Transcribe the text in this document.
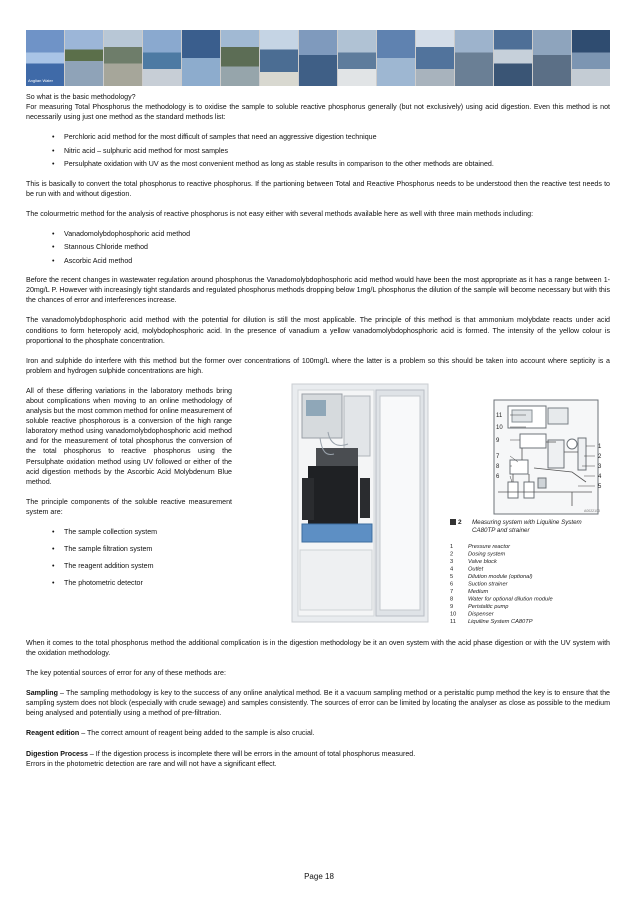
Anglian Water

So what is the basic methodology?
For measuring Total Phosphorus the methodology is to oxidise the sample to soluble reactive phosphorus generally (but not exclusively) using acid digestion. Even this method is not necessarily using just one method as the standard methods list:

• Perchloric acid method for the most difficult of samples that need an aggressive digestion technique
• Nitric acid – sulphuric acid method for most samples
• Persulphate oxidation with UV as the most convenient method as long as stable results in comparison to the other methods are obtained.

This is basically to convert the total phosphorus to reactive phosphorus. If the partioning between Total and Reactive Phosphorus needs to be understood then the reactive test needs to be run with and without digestion.

The colourmetric method for the analysis of reactive phosphorus is not easy either with several methods available here as well with three main methods including:

• Vanadomolybdophosphoric acid method
• Stannous Chloride method
• Ascorbic Acid method

Before the recent changes in wastewater regulation around phosphorus the Vanadomolybdophosphoric acid method would have been the most appropriate as it has a range between 1-20mg/L P. However with increasingly tight standards and regulated phosphorus methods dropping below 1mg/L phosphorus the dilution of the sample will become necessary but with this the chances of error and interferences increase.

The vanadomolybdophosphoric acid method with the potential for dilution is still the most applicable. The principle of this method is that ammonium molybdate reacts under acid conditions to form heteropoly acid, molybdophosphoric acid. In the presence of vanadium a yellow vanadomolybdophosphoric acid is formed. The intensity of the yellow colour is proportional to the phosphate concentration.

Iron and sulphide do interfere with this method but the former over concentrations of 100mg/L where the latter is a problem so this should be taken into account where septicity is a problem and hydrogen sulphide concentrations are high.

All of these differing variations in the laboratory methods bring about complications when moving to an online methodology of analysis but the most common method for online measurement of soluble reactive phosphorous is a conversion of the high range laboratory method using vanadomolybdophosphoric acid method and for the measurement of total phosphorus the conversion of the total phosphorus to reactive phosphorus using the Persulphate oxidation method using UV followed or either of the acid digestion methods by the Ascorbic Acid Molybdenum Blue method.

The principle components of the soluble reactive measurement system are:

• The sample collection system
• The sample filtration system
• The reagent addition system
• The photometric detector
11
10
9
7
8
6
1
2
3
4
5
A0022103
2 Measuring system with Liquiline System
CA80TP and strainer
1	Pressure reactor
2	Dosing system
3	Valve block
4	Outlet
5	Dilution module (optional)
6	Suction strainer
7	Medium
8	Water for optional dilution module
9	Peristaltic pump
10 Dispenser
11 Liquiline System CA80TP

When it comes to the total phosphorus method the additional complication is in the digestion methodology be it an oven system with the acid phase digestion or with the UV system with the oxidation methodology.

The key potential sources of error for any of these methods are:

Sampling – The sampling methodology is key to the success of any online analytical method. Be it a vacuum sampling method or a peristaltic pump method the key is to ensure that the sampling system does not block (especially with crude sewage) and samples consistently. The sources of error can be limited by locating the analyser as close as possible to the medium being analysed and potentially using a method of pre-filtration.

Reagent edition – The correct amount of reagent being added to the sample is also crucial.

Digestion Process – If the digestion process is incomplete there will be errors in the amount of total phosphorus measured.
Errors in the photometric detection are rare and will not have a significant effect.

Page 18
